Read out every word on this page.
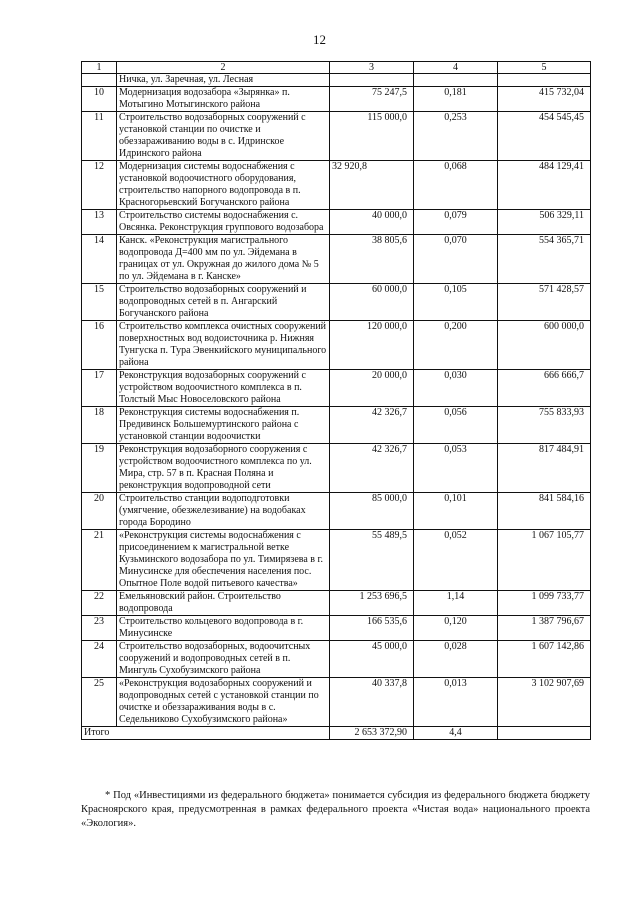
12
1	2	3	4	5
	Ничка, ул. Заречная, ул. Лесная			
10	Модернизация водозабора «Зырянка» п. Мотыгино Мотыгинского района	75 247,5	0,181	415 732,04
11	Строительство водозаборных сооружений с установкой станции по очистке и обеззараживанию воды в с. Идринское Идринского района	115 000,0	0,253	454 545,45
12	Модернизация системы водоснабжения с установкой водоочистного оборудования, строительство напорного водопровода в п. Красногорьевский Богучанского района	32 920,8	0,068	484 129,41
13	Строительство системы водоснабжения с. Овсянка. Реконструкция группового водозабора	40 000,0	0,079	506 329,11
14	Канск. «Реконструкция магистрального водопровода Д=400 мм по ул. Эйдемана в границах от ул. Окружная до жилого дома № 5 по ул. Эйдемана в г. Канске»	38 805,6	0,070	554 365,71
15	Строительство водозаборных сооружений и водопроводных сетей в п. Ангарский Богучанского района	60 000,0	0,105	571 428,57
16	Строительство комплекса очистных сооружений поверхностных вод водоисточника р. Нижняя Тунгуска п. Тура Эвенкийского муниципального района	120 000,0	0,200	600 000,0
17	Реконструкция водозаборных сооружений с устройством водоочистного комплекса в п. Толстый Мыс Новоселовского района	20 000,0	0,030	666 666,7
18	Реконструкция системы водоснабжения п. Предивинск Большемуртинского района с установкой станции водоочистки	42 326,7	0,056	755 833,93
19	Реконструкция водозаборного сооружения с устройством водоочистного комплекса по ул. Мира, стр. 57 в п. Красная Поляна и реконструкция водопроводной сети	42 326,7	0,053	817 484,91
20	Строительство станции водоподготовки (умягчение, обезжелезивание) на водобаках города Бородино	85 000,0	0,101	841 584,16
21	«Реконструкция системы водоснабжения с присоединением к магистральной ветке Кузьминского водозабора по ул. Тимирязева в г. Минусинске для обеспечения населения пос. Опытное Поле водой питьевого качества»	55 489,5	0,052	1 067 105,77
22	Емельяновский район. Строительство водопровода	1 253 696,5	1,14	1 099 733,77
23	Строительство кольцевого водопровода в г. Минусинске	166 535,6	0,120	1 387 796,67
24	Строительство водозаборных, водоочитсных сооружений и водопроводных сетей в п. Мингуль Сухобузимского района	45 000,0	0,028	1 607 142,86
25	«Реконструкция водозаборных сооружений и водопроводных сетей с установкой станции по очистке и обеззараживания воды в с. Седельниково Сухобузимского района»	40 337,8	0,013	3 102 907,69
Итого		2 653 372,90	4,4	
* Под «Инвестициями из федерального бюджета» понимается субсидия из федерального бюджета бюджету Красноярского края, предусмотренная в рамках федерального проекта «Чистая вода» национального проекта «Экология».
